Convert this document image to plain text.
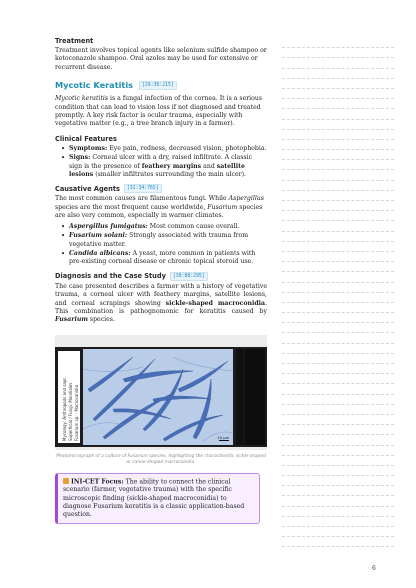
Treatment

Treatment involves topical agents like selenium sulfide shampoo or ketoconazole shampoo. Oral azoles may be used for extensive or recurrent disease.

Mycotic Keratitis	[29:36:215]

Mycotic keratitis is a fungal infection of the cornea. It is a serious condition that can lead to vision loss if not diagnosed and treated promptly. A key risk factor is ocular trauma, especially with vegetative matter (e.g., a tree branch injury in a farmer).

Clinical Features
• Symptoms: Eye pain, redness, decreased vision, photophobia.
• Signs: Corneal ulcer with a dry, raised infiltrate. A classic sign is the presence of feathery margins and satellite lesions (smaller infiltrates surrounding the main ulcer).
Causative Agents	[32:34:765]

The most common causes are filamentous fungi. While Aspergillus species are the most frequent cause worldwide, Fusarium species are also very common, especially in warmer climates.

• Aspergillus fumigatus: Most common cause overall.
• Fusarium solani: Strongly associated with trauma from vegetative matter.
• Candida albicans: A yeast, more common in patients with pre-existing corneal disease or chronic topical steroid use.
Diagnosis and the Case Study	[30:88:295]

The case presented describes a farmer with a history of vegetative trauma, a corneal ulcer with feathery margins, satellite lesions, and corneal scrapings showing sickle-shaped macroconidia. This combination is pathognomonic for keratitis caused by Fusarium species.

Mycology: Anthropods and sapr. Superficial / Fungi: Moniliales Fusarium sp. - Macroconidia	10 µm

Photomicrograph of a culture of Fusarium species, highlighting the characteristic sickle-shaped or canoe-shaped macroconidia.

INI-CET Focus: The ability to connect the clinical scenario (farmer, vegetative trauma) with the specific microscopic finding (sickle-shaped macroconidia) to diagnose Fusarium keratitis is a classic application-based question.
6
